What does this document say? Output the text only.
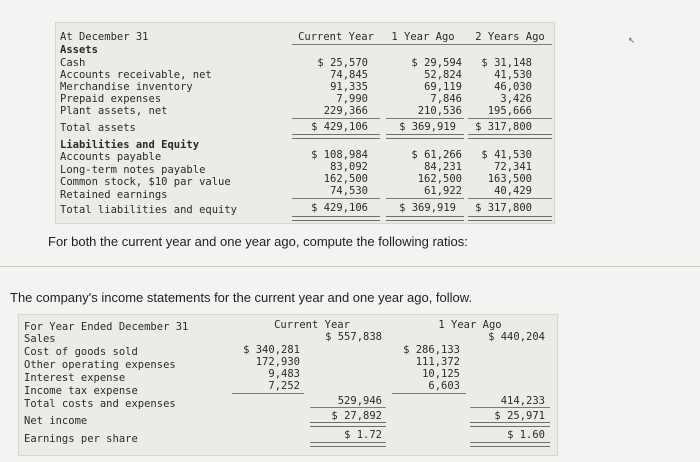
At December 31	Current Year	1 Year Ago	2 Years Ago
Assets
Cash	$ 25,570	$ 29,594	$ 31,148
Accounts receivable, net	74,845	52,824	41,530
Merchandise inventory	91,335	69,119	46,030
Prepaid expenses	7,990	7,846	3,426
Plant assets, net	229,366	210,536	195,666
Total assets	$ 429,106	$ 369,919	$ 317,800
Liabilities and Equity
Accounts payable	$ 108,984	$ 61,266	$ 41,530
Long-term notes payable	83,092	84,231	72,341
Common stock, $10 par value	162,500	162,500	163,500
Retained earnings	74,530	61,922	40,429
Total liabilities and equity	$ 429,106	$ 369,919	$ 317,800
For both the current year and one year ago, compute the following ratios:
The company's income statements for the current year and one year ago, follow.
For Year Ended December 31	Current Year	1 Year Ago
Sales	$ 557,838	$ 440,204
Cost of goods sold	$ 340,281	$ 286,133
Other operating expenses	172,930	111,372
Interest expense	9,483	10,125
Income tax expense	7,252	6,603
Total costs and expenses	529,946	414,233
Net income	$ 27,892	$ 25,971
Earnings per share	$ 1.72	$ 1.60
↖
